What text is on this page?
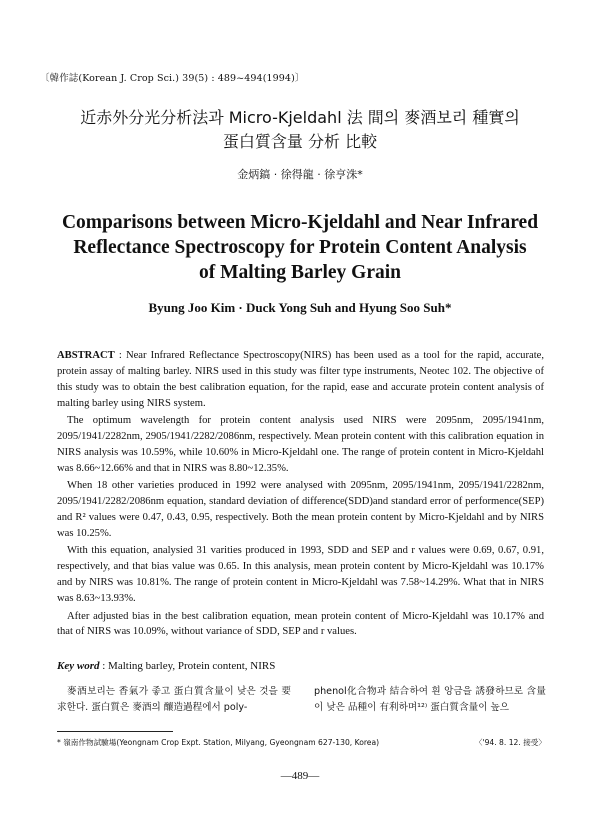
〔韓作誌(Korean J. Crop Sci.) 39(5) : 489~494(1994)〕
近赤外分光分析法과 Micro-Kjeldahl 法 間의 麥酒보리 種實의
蛋白質含量 分析 比較
金炳鎬 · 徐得龍 · 徐亨洙*
Comparisons between Micro-Kjeldahl and Near Infrared
Reflectance Spectroscopy for Protein Content Analysis
of Malting Barley Grain
Byung Joo Kim · Duck Yong Suh and Hyung Soo Suh*

ABSTRACT : Near Infrared Reflectance Spectroscopy(NIRS) has been used as a tool for the rapid, accurate, protein assay of malting barley. NIRS used in this study was filter type instruments, Neotec 102. The objective of this study was to obtain the best calibration equation, for the rapid, ease and accurate protein content analysis of malting barley using NIRS system.

The optimum wavelength for protein content analysis used NIRS were 2095nm, 2095/1941nm, 2095/1941/2282nm, 2905/1941/2282/2086nm, respectively. Mean protein content with this calibration equation in NIRS analysis was 10.59%, while 10.60% in Micro-Kjeldahl one. The range of protein content in Micro-Kjeldahl was 8.66~12.66% and that in NIRS was 8.80~12.35%.

When 18 other varieties produced in 1992 were analysed with 2095nm, 2095/1941nm, 2095/1941/2282nm, 2095/1941/2282/2086nm equation, standard deviation of difference(SDD)and standard error of performence(SEP) and R² values were 0.47, 0.43, 0.95, respectively. Both the mean protein content by Micro-Kjeldahl and by NIRS was 10.25%.

With this equation, analysied 31 varities produced in 1993, SDD and SEP and r values were 0.69, 0.67, 0.91, respectively, and that bias value was 0.65. In this analysis, mean protein content by Micro-Kjeldahl was 10.17% and by NIRS was 10.81%. The range of protein content in Micro-Kjeldahl was 7.58~14.29%. What that in NIRS was 8.63~13.93%.

After adjusted bias in the best calibration equation, mean protein content of Micro-Kjeldahl was 10.17% and that of NIRS was 10.09%, without variance of SDD, SEP and r values.

Key word : Malting barley, Protein content, NIRS
麥酒보리는 香氣가 좋고 蛋白質含量이 낮은 것을 要求한다. 蛋白質은 麥酒의 釀造過程에서 poly-
phenol化合物과 結合하여 흰 앙금을 誘發하므로 含量이 낮은 品種이 有利하며¹²⁾ 蛋白質含量이 높으
* 嶺南作物試驗場(Yeongnam Crop Expt. Station, Milyang, Gyeongnam 627-130, Korea)	〈'94. 8. 12. 接受〉
—489—
